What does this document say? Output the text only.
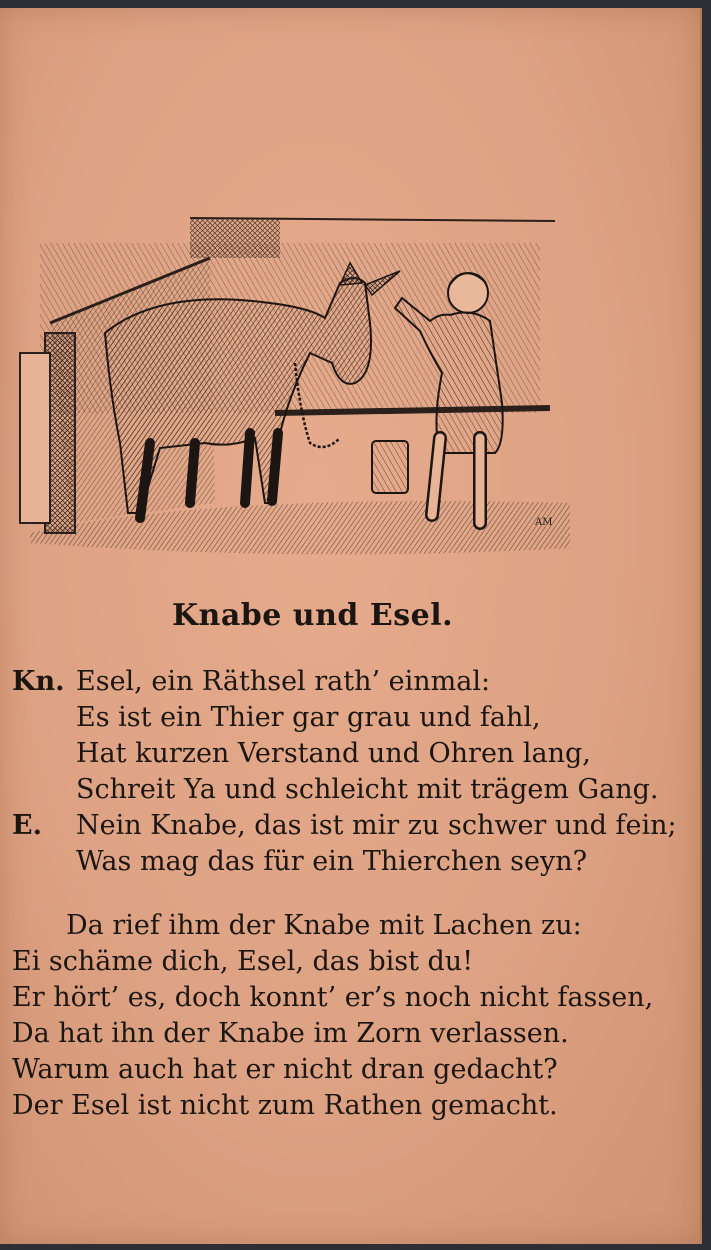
AM
Knabe und Esel.
Kn. Esel, ein Räthsel rath’ einmal:
Es ist ein Thier gar grau und fahl,
Hat kurzen Verstand und Ohren lang,
Schreit Ya und schleicht mit trägem Gang.
E. Nein Knabe, das ist mir zu schwer und fein;
Was mag das für ein Thierchen seyn?
Da rief ihm der Knabe mit Lachen zu:
Ei schäme dich, Esel, das bist du!
Er hört’ es, doch konnt’ er’s noch nicht fassen,
Da hat ihn der Knabe im Zorn verlassen.
Warum auch hat er nicht dran gedacht?
Der Esel ist nicht zum Rathen gemacht.
